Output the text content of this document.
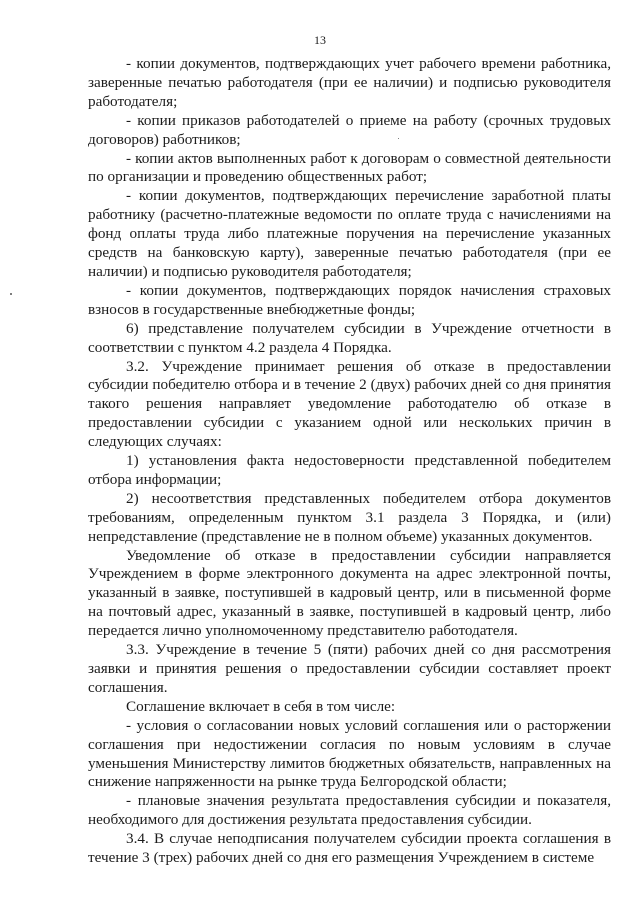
13

- копии документов, подтверждающих учет рабочего времени работника, заверенные печатью работодателя (при ее наличии) и подписью руководителя работодателя;

- копии приказов работодателей о приеме на работу (срочных трудовых договоров) работников;

- копии актов выполненных работ к договорам о совместной деятельности по организации и проведению общественных работ;

- копии документов, подтверждающих перечисление заработной платы работнику (расчетно-платежные ведомости по оплате труда с начислениями на фонд оплаты труда либо платежные поручения на перечисление указанных средств на банковскую карту), заверенные печатью работодателя (при ее наличии) и подписью руководителя работодателя;

- копии документов, подтверждающих порядок начисления страховых взносов в государственные внебюджетные фонды;

6) представление получателем субсидии в Учреждение отчетности в соответствии с пунктом 4.2 раздела 4 Порядка.

3.2. Учреждение принимает решения об отказе в предоставлении субсидии победителю отбора и в течение 2 (двух) рабочих дней со дня принятия такого решения направляет уведомление работодателю об отказе в предоставлении субсидии с указанием одной или нескольких причин в следующих случаях:

1) установления факта недостоверности представленной победителем отбора информации;

2) несоответствия представленных победителем отбора документов требованиям, определенным пунктом 3.1 раздела 3 Порядка, и (или) непредставление (представление не в полном объеме) указанных документов.

Уведомление об отказе в предоставлении субсидии направляется Учреждением в форме электронного документа на адрес электронной почты, указанный в заявке, поступившей в кадровый центр, или в письменной форме на почтовый адрес, указанный в заявке, поступившей в кадровый центр, либо передается лично уполномоченному представителю работодателя.

3.3. Учреждение в течение 5 (пяти) рабочих дней со дня рассмотрения заявки и принятия решения о предоставлении субсидии составляет проект соглашения.

Соглашение включает в себя в том числе:

- условия о согласовании новых условий соглашения или о расторжении соглашения при недостижении согласия по новым условиям в случае уменьшения Министерству лимитов бюджетных обязательств, направленных на снижение напряженности на рынке труда Белгородской области;

- плановые значения результата предоставления субсидии и показателя, необходимого для достижения результата предоставления субсидии.

3.4. В случае неподписания получателем субсидии проекта соглашения в течение 3 (трех) рабочих дней со дня его размещения Учреждением в системе
